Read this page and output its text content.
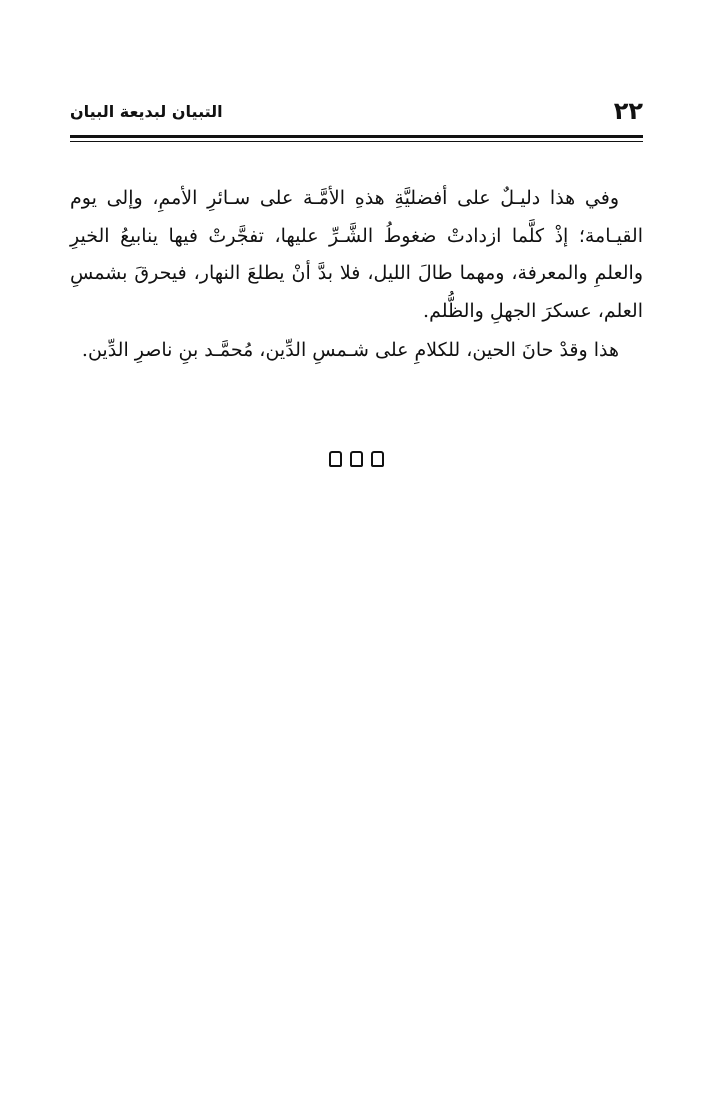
٢٢
التبيان لبديعة البيان

وفي هذا دليـلٌ على أفضليَّةِ هذهِ الأمَّـة على سـائرِ الأممِ، وإلى يوم القيـامة؛ إذْ كلَّما ازدادتْ ضغوطُ الشَّـرِّ عليها، تفجَّرتْ فيها ينابيعُ الخيرِ والعلمِ والمعرفة، ومهما طالَ الليل، فلا بدَّ أنْ يطلعَ النهار، فيحرقَ بشمسِ العلم، عسكرَ الجهلِ والظُّلم.

هذا وقدْ حانَ الحين، للكلامِ على شـمسِ الدِّين، مُحمَّـد بنِ ناصرِ الدِّين.
